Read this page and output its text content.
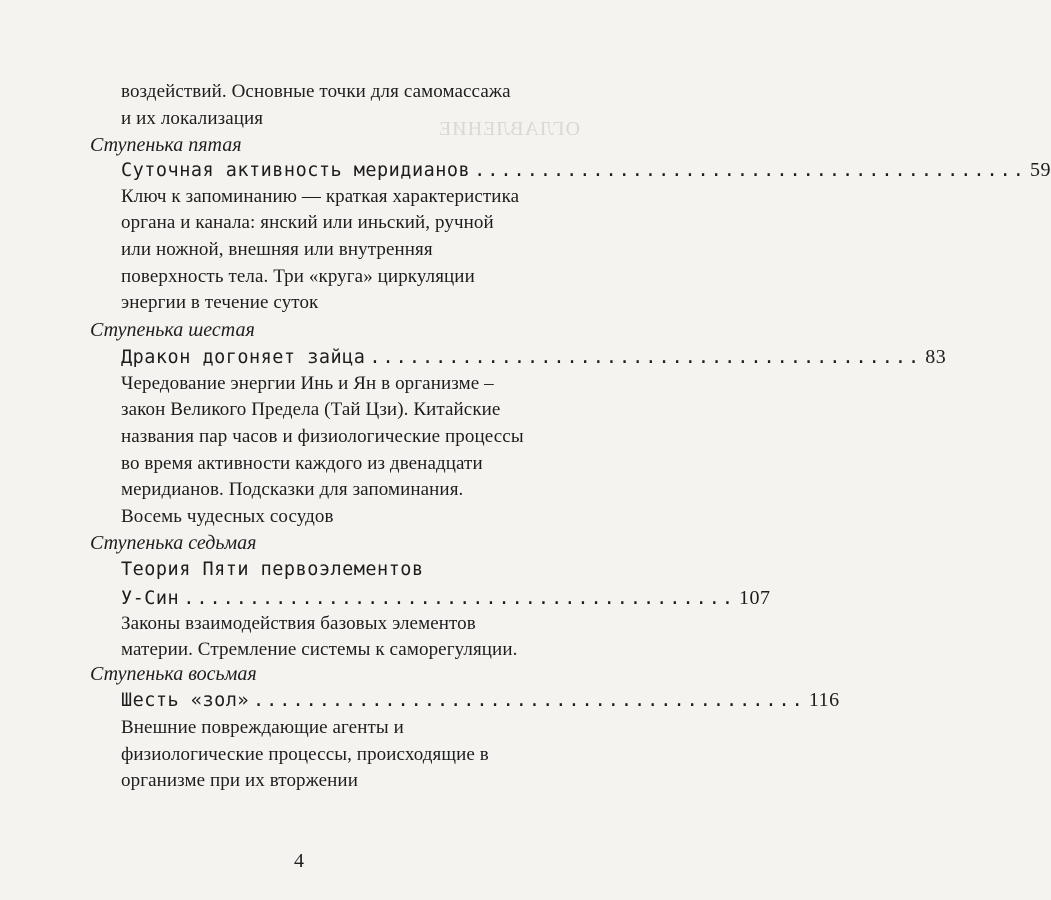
ОГЛАВЛЕНИЕ
воздействий. Основные точки для самомассажа
и их локализация
Ступенька пятая
Суточная активность меридианов .......................................... 59
Ключ к запоминанию — краткая характеристика
органа и канала: янский или иньский, ручной
или ножной, внешняя или внутренняя
поверхность тела. Три «круга» циркуляции
энергии в течение суток
Ступенька шестая
Дракон догоняет зайца .......................................... 83
Чередование энергии Инь и Ян в организме –
закон Великого Предела (Тай Цзи). Китайские
названия пар часов и физиологические процессы
во время активности каждого из двенадцати
меридианов. Подсказки для запоминания.
Восемь чудесных сосудов
Ступенька седьмая
Теория Пяти первоэлементов
У-Син .......................................... 107
Законы взаимодействия базовых элементов
материи. Стремление системы к саморегуляции.
Ступенька восьмая
Шесть «зол» .......................................... 116
Внешние повреждающие агенты и
физиологические процессы, происходящие в
организме при их вторжении
4
